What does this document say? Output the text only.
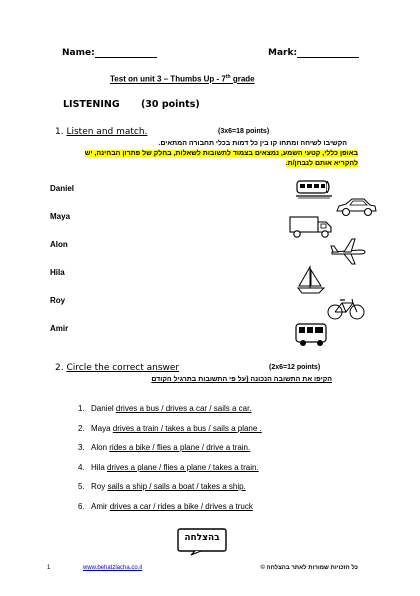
Name:	Mark:
Test on unit 3 – Thumbs Up - 7th grade
LISTENING (30 points)
1. Listen and match.	(3x6=18 points)
הקשיבו לשיחה ומתחו קו בין כל דמות בכלי תחבורה המתאים.
באופן כללי, קטעי השמע, נמצאים בצמוד לתשובות לשאלות, בחלק של פתרון הבחינה, יש
להקריא אותם לנבחן/ת.
Daniel
Maya
Alon
Hila
Roy
Amir
2. Circle the correct answer	(2x6=12 points)
הקיפו את התשובה הנכונה (על פי התשובות בתרגיל הקודם
1. Daniel drives a bus / drives a car / sails a car.
2. Maya drives a train / takes a bus / sails a plane .
3. Alon rides a bike / flies a plane / drive a train.
4. Hila drives a plane / flies a plane / takes a train.
5. Roy sails a ship / sails a boat / takes a ship.
6. Amir drives a car / rides a bike / drives a truck
בהצלחה
1	www.behatzlacha.co.il	כל הזכויות שמורות לאתר בהצלחה ©
